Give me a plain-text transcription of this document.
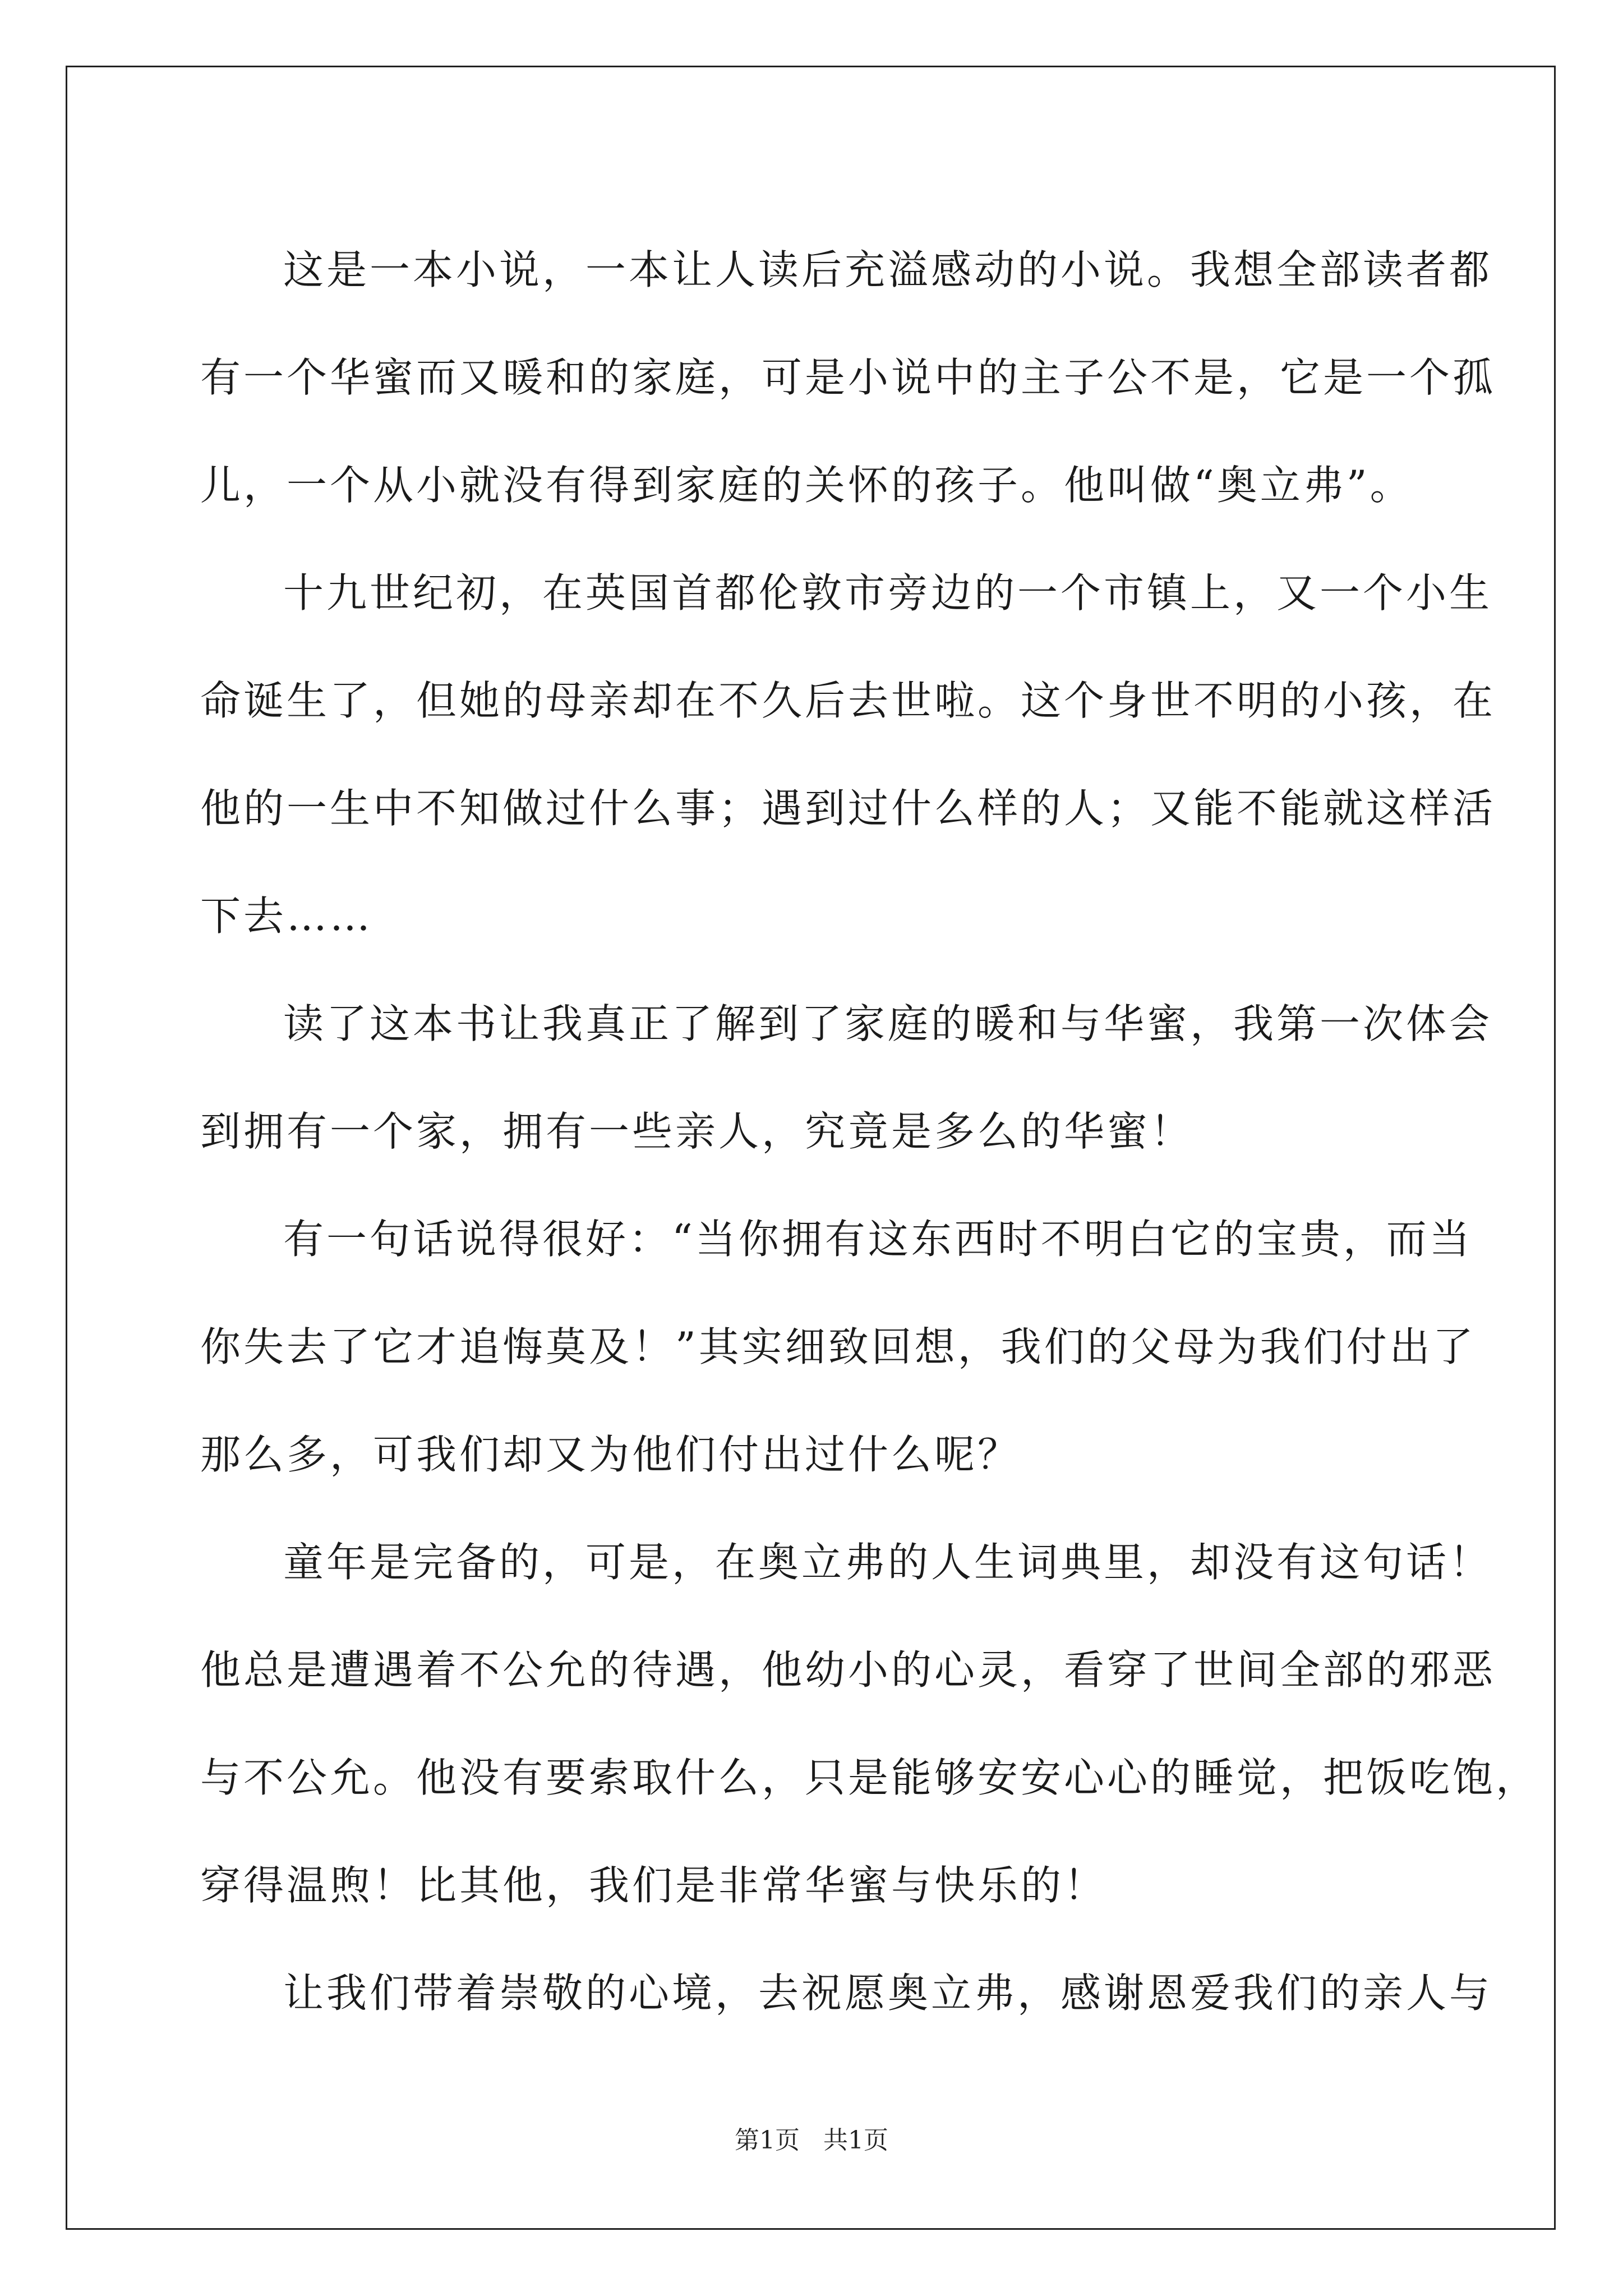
这是一本小说，一本让人读后充溢感动的小说。我想全部读者都
有一个华蜜而又暖和的家庭，可是小说中的主子公不是，它是一个孤
儿，一个从小就没有得到家庭的关怀的孩子。他叫做“奥立弗”。
十九世纪初，在英国首都伦敦市旁边的一个市镇上，又一个小生
命诞生了，但她的母亲却在不久后去世啦。这个身世不明的小孩，在
他的一生中不知做过什么事；遇到过什么样的人；又能不能就这样活
下去……
读了这本书让我真正了解到了家庭的暖和与华蜜，我第一次体会
到拥有一个家，拥有一些亲人，究竟是多么的华蜜！
有一句话说得很好：“当你拥有这东西时不明白它的宝贵，而当
你失去了它才追悔莫及！”其实细致回想，我们的父母为我们付出了
那么多，可我们却又为他们付出过什么呢？
童年是完备的，可是，在奥立弗的人生词典里，却没有这句话！
他总是遭遇着不公允的待遇，他幼小的心灵，看穿了世间全部的邪恶
与不公允。他没有要索取什么，只是能够安安心心的睡觉，把饭吃饱，
穿得温煦！比其他，我们是非常华蜜与快乐的！
让我们带着崇敬的心境，去祝愿奥立弗，感谢恩爱我们的亲人与
第1页   共1页
